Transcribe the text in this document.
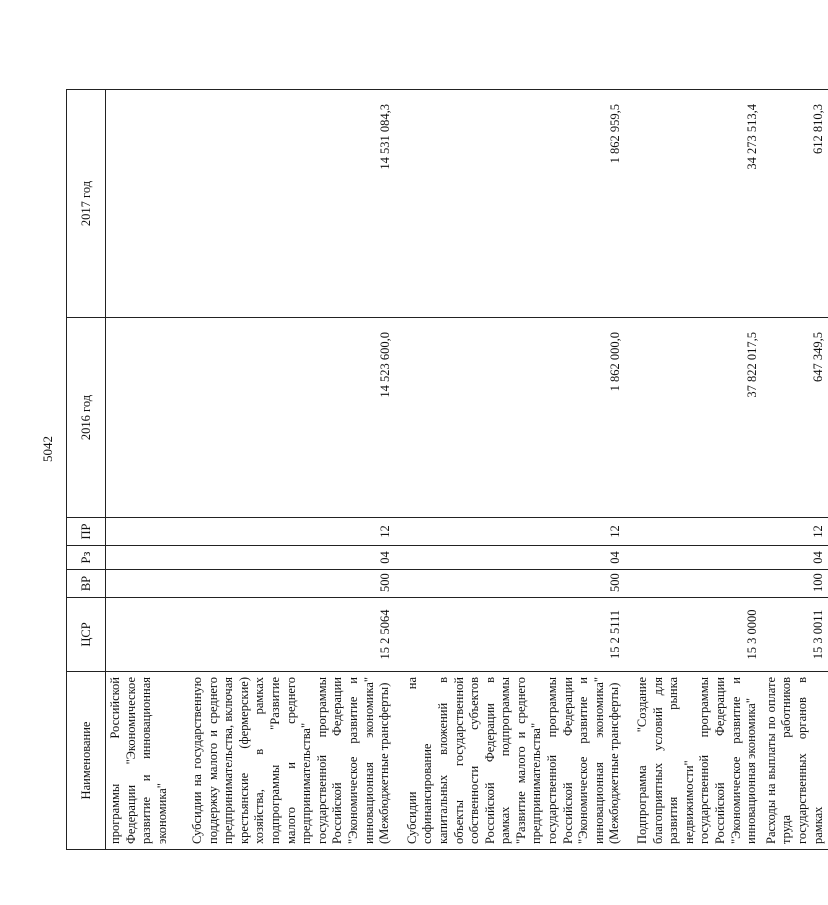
5042
Наименование	ЦСР	ВР	Рз	ПР	2016 год	2017 год
программы Российской Федерации "Экономическое развитие и инновационная экономика"						
Субсидии на государственную поддержку малого и среднего предпринимательства, включая крестьянские (фермерские) хозяйства, в рамках подпрограммы "Развитие малого и среднего предпринимательства" государственной программы Российской Федерации "Экономическое развитие и инновационная экономика" (Межбюджетные трансферты)	15 2 5064	500	04	12	14 523 600,0	14 531 084,3
Субсидии на софинансирование капитальных вложений в объекты государственной собственности субъектов Российской Федерации в рамках подпрограммы "Развитие малого и среднего предпринимательства" государственной программы Российской Федерации "Экономическое развитие и инновационная экономика" (Межбюджетные трансферты)	15 2 5111	500	04	12	1 862 000,0	1 862 959,5
Подпрограмма "Создание благоприятных условий для развития рынка недвижимости" государственной программы Российской Федерации "Экономическое развитие и инновационная экономика"	15 3 0000				37 822 017,5	34 273 513,4
Расходы на выплаты по оплате труда работников государственных органов в рамках	15 3 0011	100	04	12	647 349,5	612 810,3
